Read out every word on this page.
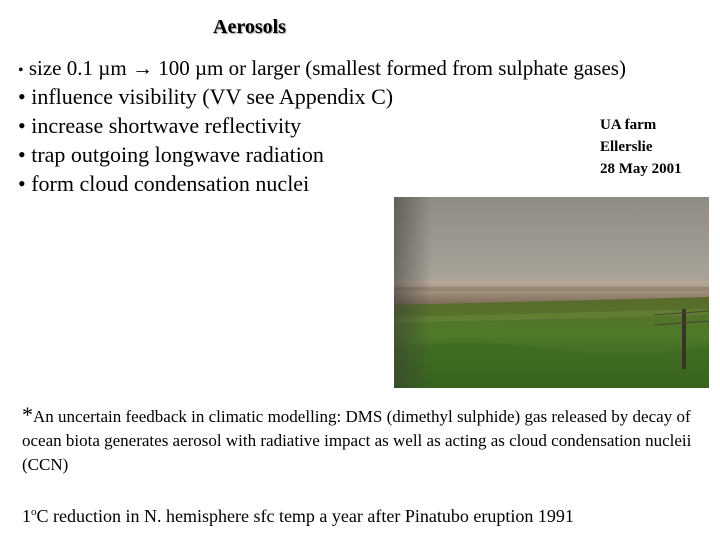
Aerosols
• size 0.1 µm → 100 µm or larger (smallest formed from sulphate gases)
• influence visibility (VV see Appendix C)
• increase shortwave reflectivity
• trap outgoing longwave radiation
• form cloud condensation nuclei
UA farm
Ellerslie
28 May 2001
*An uncertain feedback in climatic modelling: DMS (dimethyl sulphide) gas released by decay of ocean biota generates aerosol with radiative impact as well as acting as cloud condensation nucleii (CCN)
1$^o$C reduction in N. hemisphere sfc temp a year after Pinatubo eruption 1991
